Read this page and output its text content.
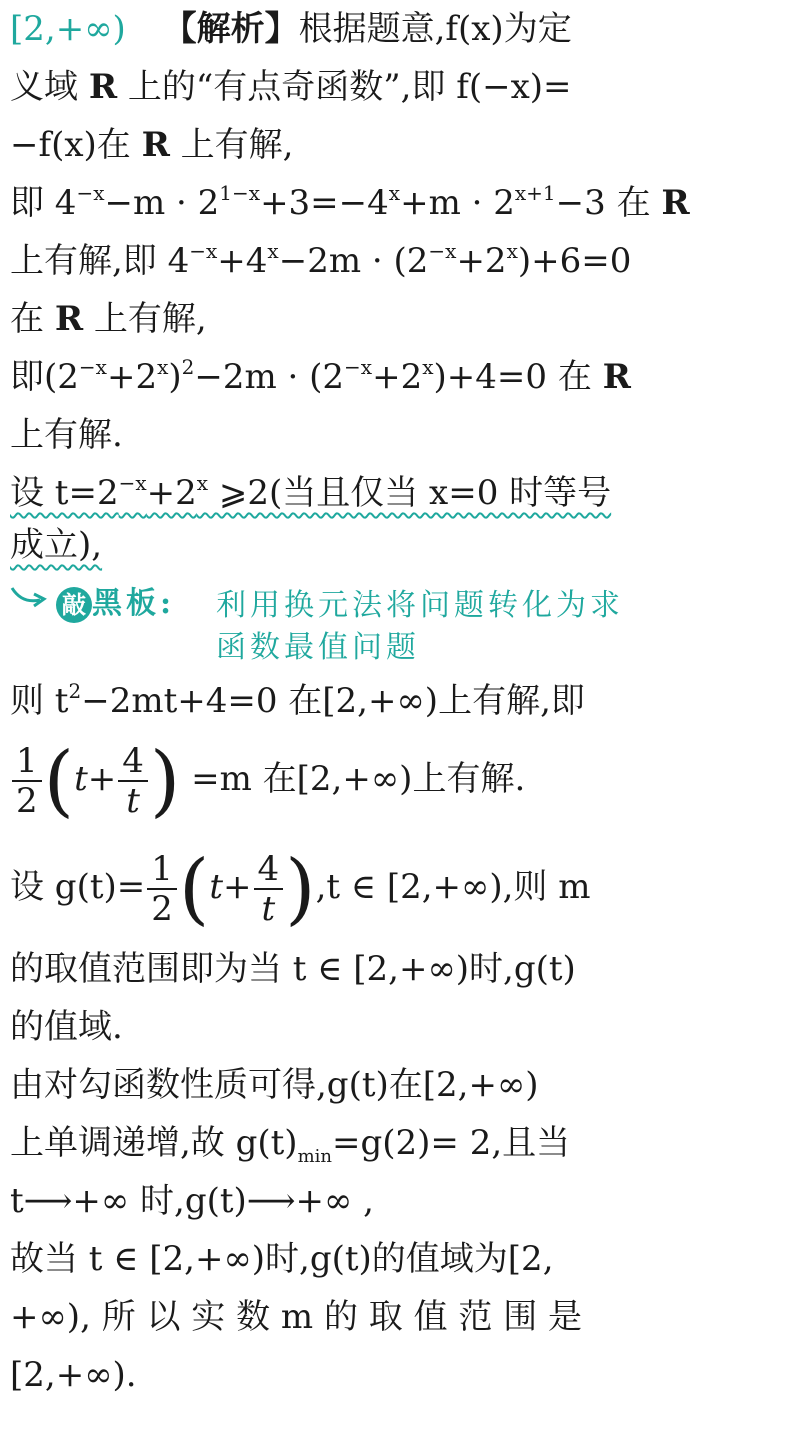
[2,+∞) 【解析】根据题意,f(x)为定
义域 R 上的“有点奇函数”,即 f(−x)=
−f(x)在 R 上有解,
即 $4^{-x}-m \cdot 2^{1-x}+3=-4^x+m \cdot 2^{x+1}-3$ 在 R
上有解,即 $4^{-x}+4^x-2m \cdot (2^{-x}+2^x)+6=0$
在 R 上有解,
即$(2^{-x}+2^x)^2-2m \cdot (2^{-x}+2^x)+4=0$ 在 R
上有解.
设 $t=2^{-x}+2^x$ ⩾2(当且仅当 x=0 时等号
成立),
敲 黑板: 利用换元法将问题转化为求
函数最值问题
则 $t^2-2mt+4=0$ 在[2,+∞)上有解,即
$\frac{1}{2} (t+ \frac{4}{t}$ ) =m 在[2,+∞)上有解.
设 $g(t)= \frac{1}{2} (t+ \frac{4}{t} ),t$ ∈ [2,+∞),则 m
的取值范围即为当 t ∈ [2,+∞)时,g(t)
的值域.
由对勾函数性质可得,g(t)在[2,+∞)
上单调递增,故 $g(t)_{min}=g(2)= 2$,且当
t⟶+∞ 时,g(t)⟶+∞ ,
故当 t ∈ [2,+∞)时,g(t)的值域为[2,
+∞), 所 以 实 数 m 的 取 值 范 围 是
[2,+∞).
